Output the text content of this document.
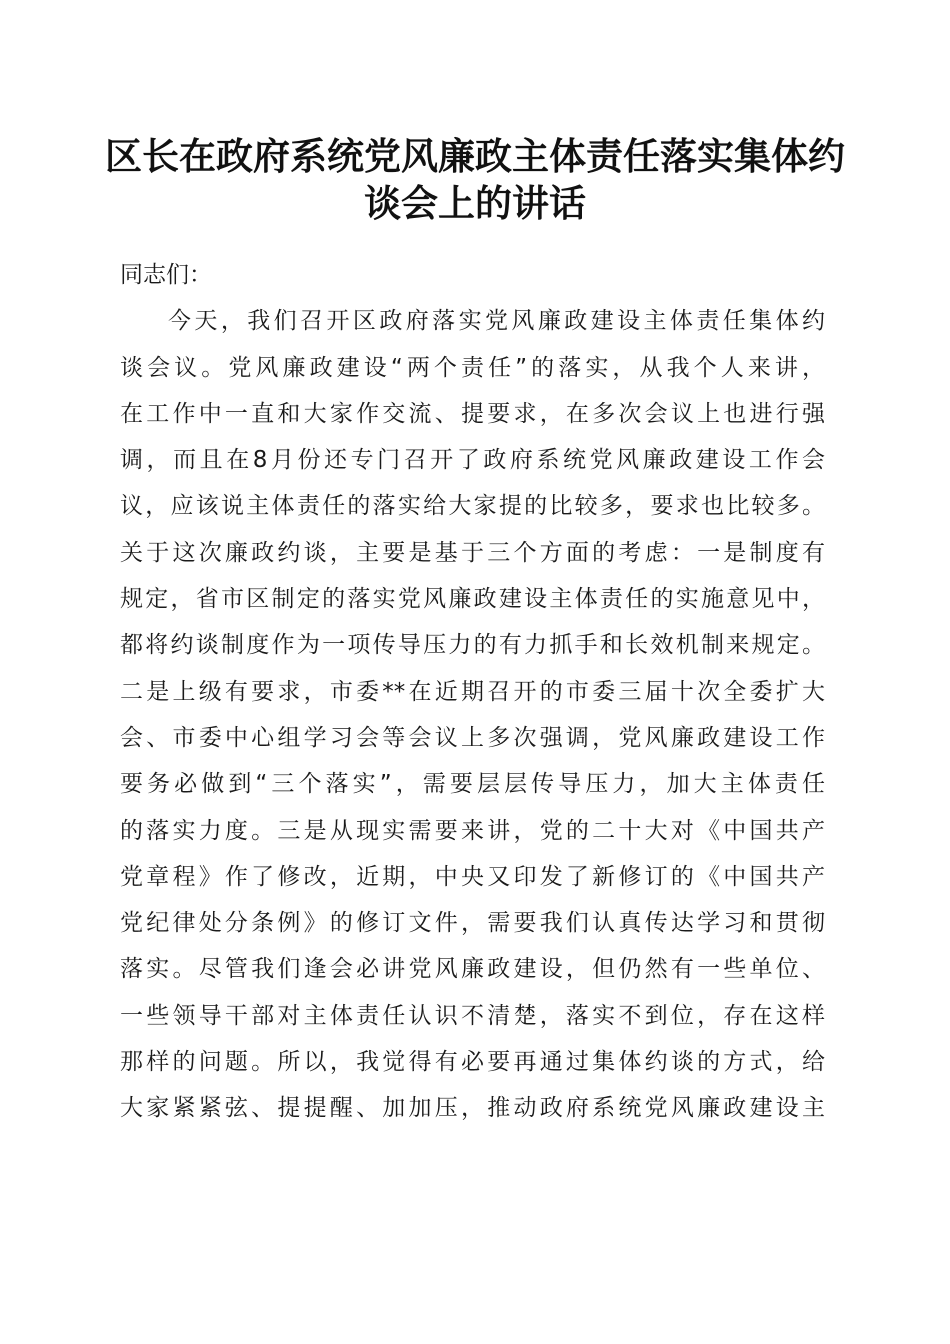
区长在政府系统党风廉政主体责任落实集体约
谈会上的讲话
同志们：

今天，我们召开区政府落实党风廉政建设主体责任集体约
谈会议。党风廉政建设“两个责任”的落实，从我个人来讲，
在工作中一直和大家作交流、提要求，在多次会议上也进行强
调，而且在8月份还专门召开了政府系统党风廉政建设工作会
议，应该说主体责任的落实给大家提的比较多，要求也比较多。
关于这次廉政约谈，主要是基于三个方面的考虑：一是制度有
规定，省市区制定的落实党风廉政建设主体责任的实施意见中，
都将约谈制度作为一项传导压力的有力抓手和长效机制来规定。
二是上级有要求，市委**在近期召开的市委三届十次全委扩大
会、市委中心组学习会等会议上多次强调，党风廉政建设工作
要务必做到“三个落实”，需要层层传导压力，加大主体责任
的落实力度。三是从现实需要来讲，党的二十大对《中国共产
党章程》作了修改，近期，中央又印发了新修订的《中国共产
党纪律处分条例》的修订文件，需要我们认真传达学习和贯彻
落实。尽管我们逢会必讲党风廉政建设，但仍然有一些单位、
一些领导干部对主体责任认识不清楚，落实不到位，存在这样
那样的问题。所以，我觉得有必要再通过集体约谈的方式，给
大家紧紧弦、提提醒、加加压，推动政府系统党风廉政建设主
